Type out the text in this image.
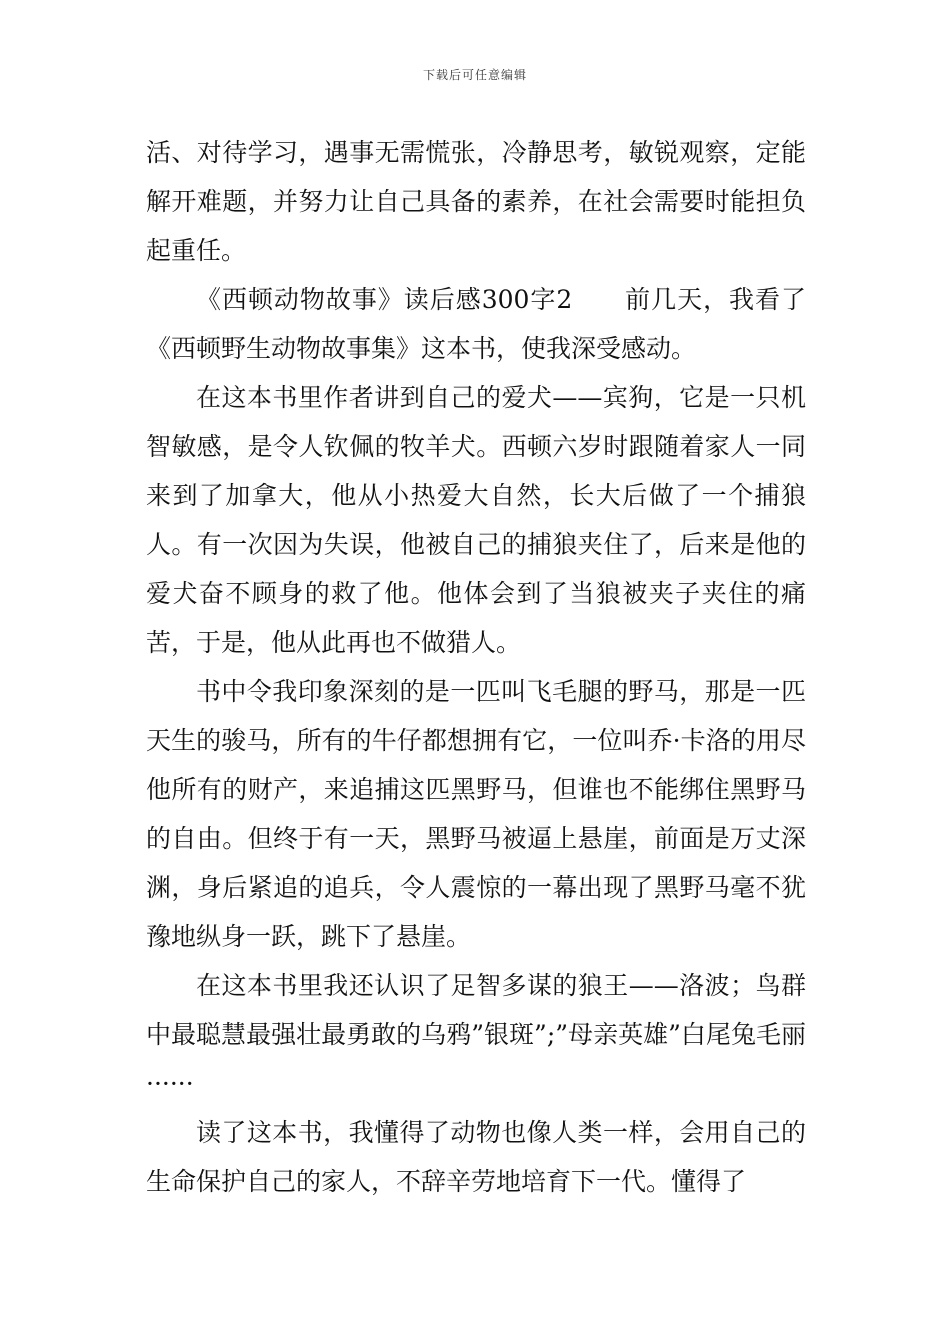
下载后可任意编辑

活、对待学习，遇事无需慌张，冷静思考，敏锐观察，定能解开难题，并努力让自己具备的素养，在社会需要时能担负起重任。

《西顿动物故事》读后感300字2　　前几天，我看了《西顿野生动物故事集》这本书，使我深受感动。

在这本书里作者讲到自己的爱犬——宾狗，它是一只机智敏感，是令人钦佩的牧羊犬。西顿六岁时跟随着家人一同来到了加拿大，他从小热爱大自然，长大后做了一个捕狼人。有一次因为失误，他被自己的捕狼夹住了，后来是他的爱犬奋不顾身的救了他。他体会到了当狼被夹子夹住的痛苦，于是，他从此再也不做猎人。

书中令我印象深刻的是一匹叫飞毛腿的野马，那是一匹天生的骏马，所有的牛仔都想拥有它，一位叫乔·卡洛的用尽他所有的财产，来追捕这匹黑野马，但谁也不能绑住黑野马的自由。但终于有一天，黑野马被逼上悬崖，前面是万丈深渊，身后紧追的追兵，令人震惊的一幕出现了黑野马毫不犹豫地纵身一跃，跳下了悬崖。

在这本书里我还认识了足智多谋的狼王——洛波；鸟群中最聪慧最强壮最勇敢的乌鸦”银斑”;”母亲英雄”白尾兔毛丽······

读了这本书，我懂得了动物也像人类一样，会用自己的生命保护自己的家人，不辞辛劳地培育下一代。懂得了
